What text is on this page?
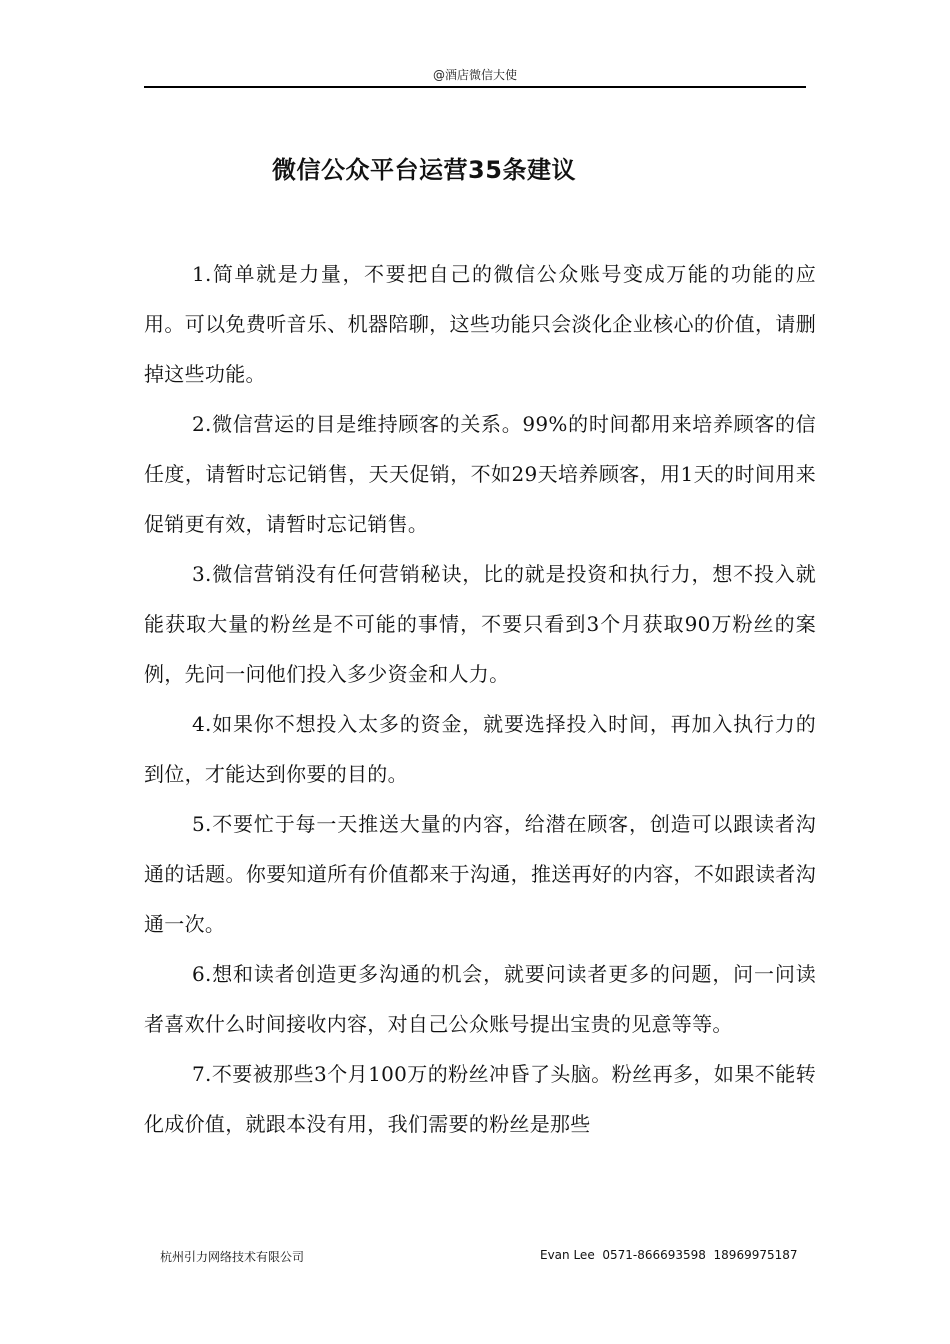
@酒店微信大使
微信公众平台运营35条建议

1.简单就是力量，不要把自己的微信公众账号变成万能的功能的应用。可以免费听音乐、机器陪聊，这些功能只会淡化企业核心的价值，请删掉这些功能。

2.微信营运的目是维持顾客的关系。99%的时间都用来培养顾客的信任度，请暂时忘记销售，天天促销，不如29天培养顾客，用1天的时间用来促销更有效，请暂时忘记销售。

3.微信营销没有任何营销秘诀，比的就是投资和执行力，想不投入就能获取大量的粉丝是不可能的事情，不要只看到3个月获取90万粉丝的案例，先问一问他们投入多少资金和人力。

4.如果你不想投入太多的资金，就要选择投入时间，再加入执行力的到位，才能达到你要的目的。

5.不要忙于每一天推送大量的内容，给潜在顾客，创造可以跟读者沟通的话题。你要知道所有价值都来于沟通，推送再好的内容，不如跟读者沟通一次。

6.想和读者创造更多沟通的机会，就要问读者更多的问题，问一问读者喜欢什么时间接收内容，对自己公众账号提出宝贵的见意等等。

7.不要被那些3个月100万的粉丝冲昏了头脑。粉丝再多，如果不能转化成价值，就跟本没有用，我们需要的粉丝是那些

杭州引力网络技术有限公司	Evan Lee  0571-866693598  18969975187
